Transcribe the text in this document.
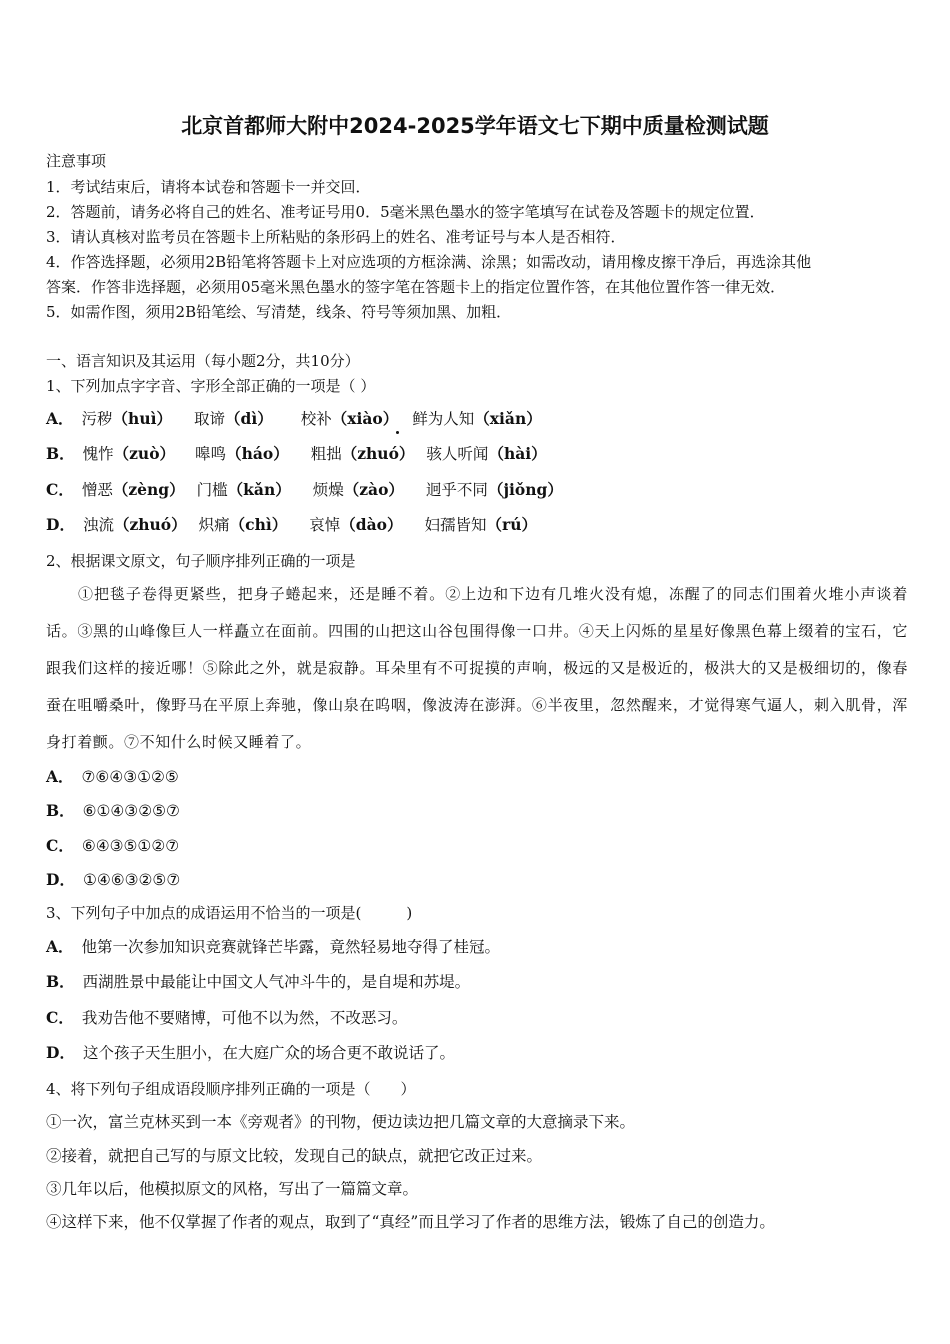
北京首都师大附中2024-2025学年语文七下期中质量检测试题
注意事项
1．考试结束后，请将本试卷和答题卡一并交回．
2．答题前，请务必将自己的姓名、准考证号用0．5毫米黑色墨水的签字笔填写在试卷及答题卡的规定位置．
3．请认真核对监考员在答题卡上所粘贴的条形码上的姓名、准考证号与本人是否相符．
4．作答选择题，必须用2B铅笔将答题卡上对应选项的方框涂满、涂黑；如需改动，请用橡皮擦干净后，再选涂其他
答案．作答非选择题，必须用05毫米黑色墨水的签字笔在答题卡上的指定位置作答，在其他位置作答一律无效．
5．如需作图，须用2B铅笔绘、写清楚，线条、符号等须加黑、加粗．
一、语言知识及其运用（每小题2分，共10分）
1、下列加点字字音、字形全部正确的一项是（ ）
A． 污秽（huì） 取谛（dì） 校补（xiào） 鲜为人知（xiǎn）
B． 愧怍（zuò） 嗥鸣（háo） 粗拙（zhuó） 骇人听闻（hài）
C． 憎恶（zèng） 门槛（kǎn） 烦燥（zào） 迥乎不同（jiǒng）
D． 浊流（zhuó） 炽痛（chì） 哀悼（dào） 妇孺皆知（rú）
2、根据课文原文，句子顺序排列正确的一项是
①把毯子卷得更紧些，把身子蜷起来，还是睡不着。②上边和下边有几堆火没有熄，冻醒了的同志们围着火堆小声谈着话。③黑的山峰像巨人一样矗立在面前。四围的山把这山谷包围得像一口井。④天上闪烁的星星好像黑色幕上缀着的宝石，它跟我们这样的接近哪！⑤除此之外，就是寂静。耳朵里有不可捉摸的声响，极远的又是极近的，极洪大的又是极细切的，像春蚕在咀嚼桑叶，像野马在平原上奔驰，像山泉在呜咽，像波涛在澎湃。⑥半夜里，忽然醒来，才觉得寒气逼人，刺入肌骨，浑身打着颤。⑦不知什么时候又睡着了。
A． ⑦⑥④③①②⑤
B． ⑥①④③②⑤⑦
C． ⑥④③⑤①②⑦
D． ①④⑥③②⑤⑦
3、下列句子中加点的成语运用不恰当的一项是(　　　)
A． 他第一次参加知识竞赛就锋芒毕露，竟然轻易地夺得了桂冠。
B． 西湖胜景中最能让中国文人气冲斗牛的，是自堤和苏堤。
C． 我劝告他不要赌博，可他不以为然，不改恶习。
D． 这个孩子天生胆小，在大庭广众的场合更不敢说话了。
4、将下列句子组成语段顺序排列正确的一项是（　　）
①一次，富兰克林买到一本《旁观者》的刊物，便边读边把几篇文章的大意摘录下来。
②接着，就把自己写的与原文比较，发现自己的缺点，就把它改正过来。
③几年以后，他模拟原文的风格，写出了一篇篇文章。
④这样下来，他不仅掌握了作者的观点，取到了“真经”而且学习了作者的思维方法，锻炼了自己的创造力。
